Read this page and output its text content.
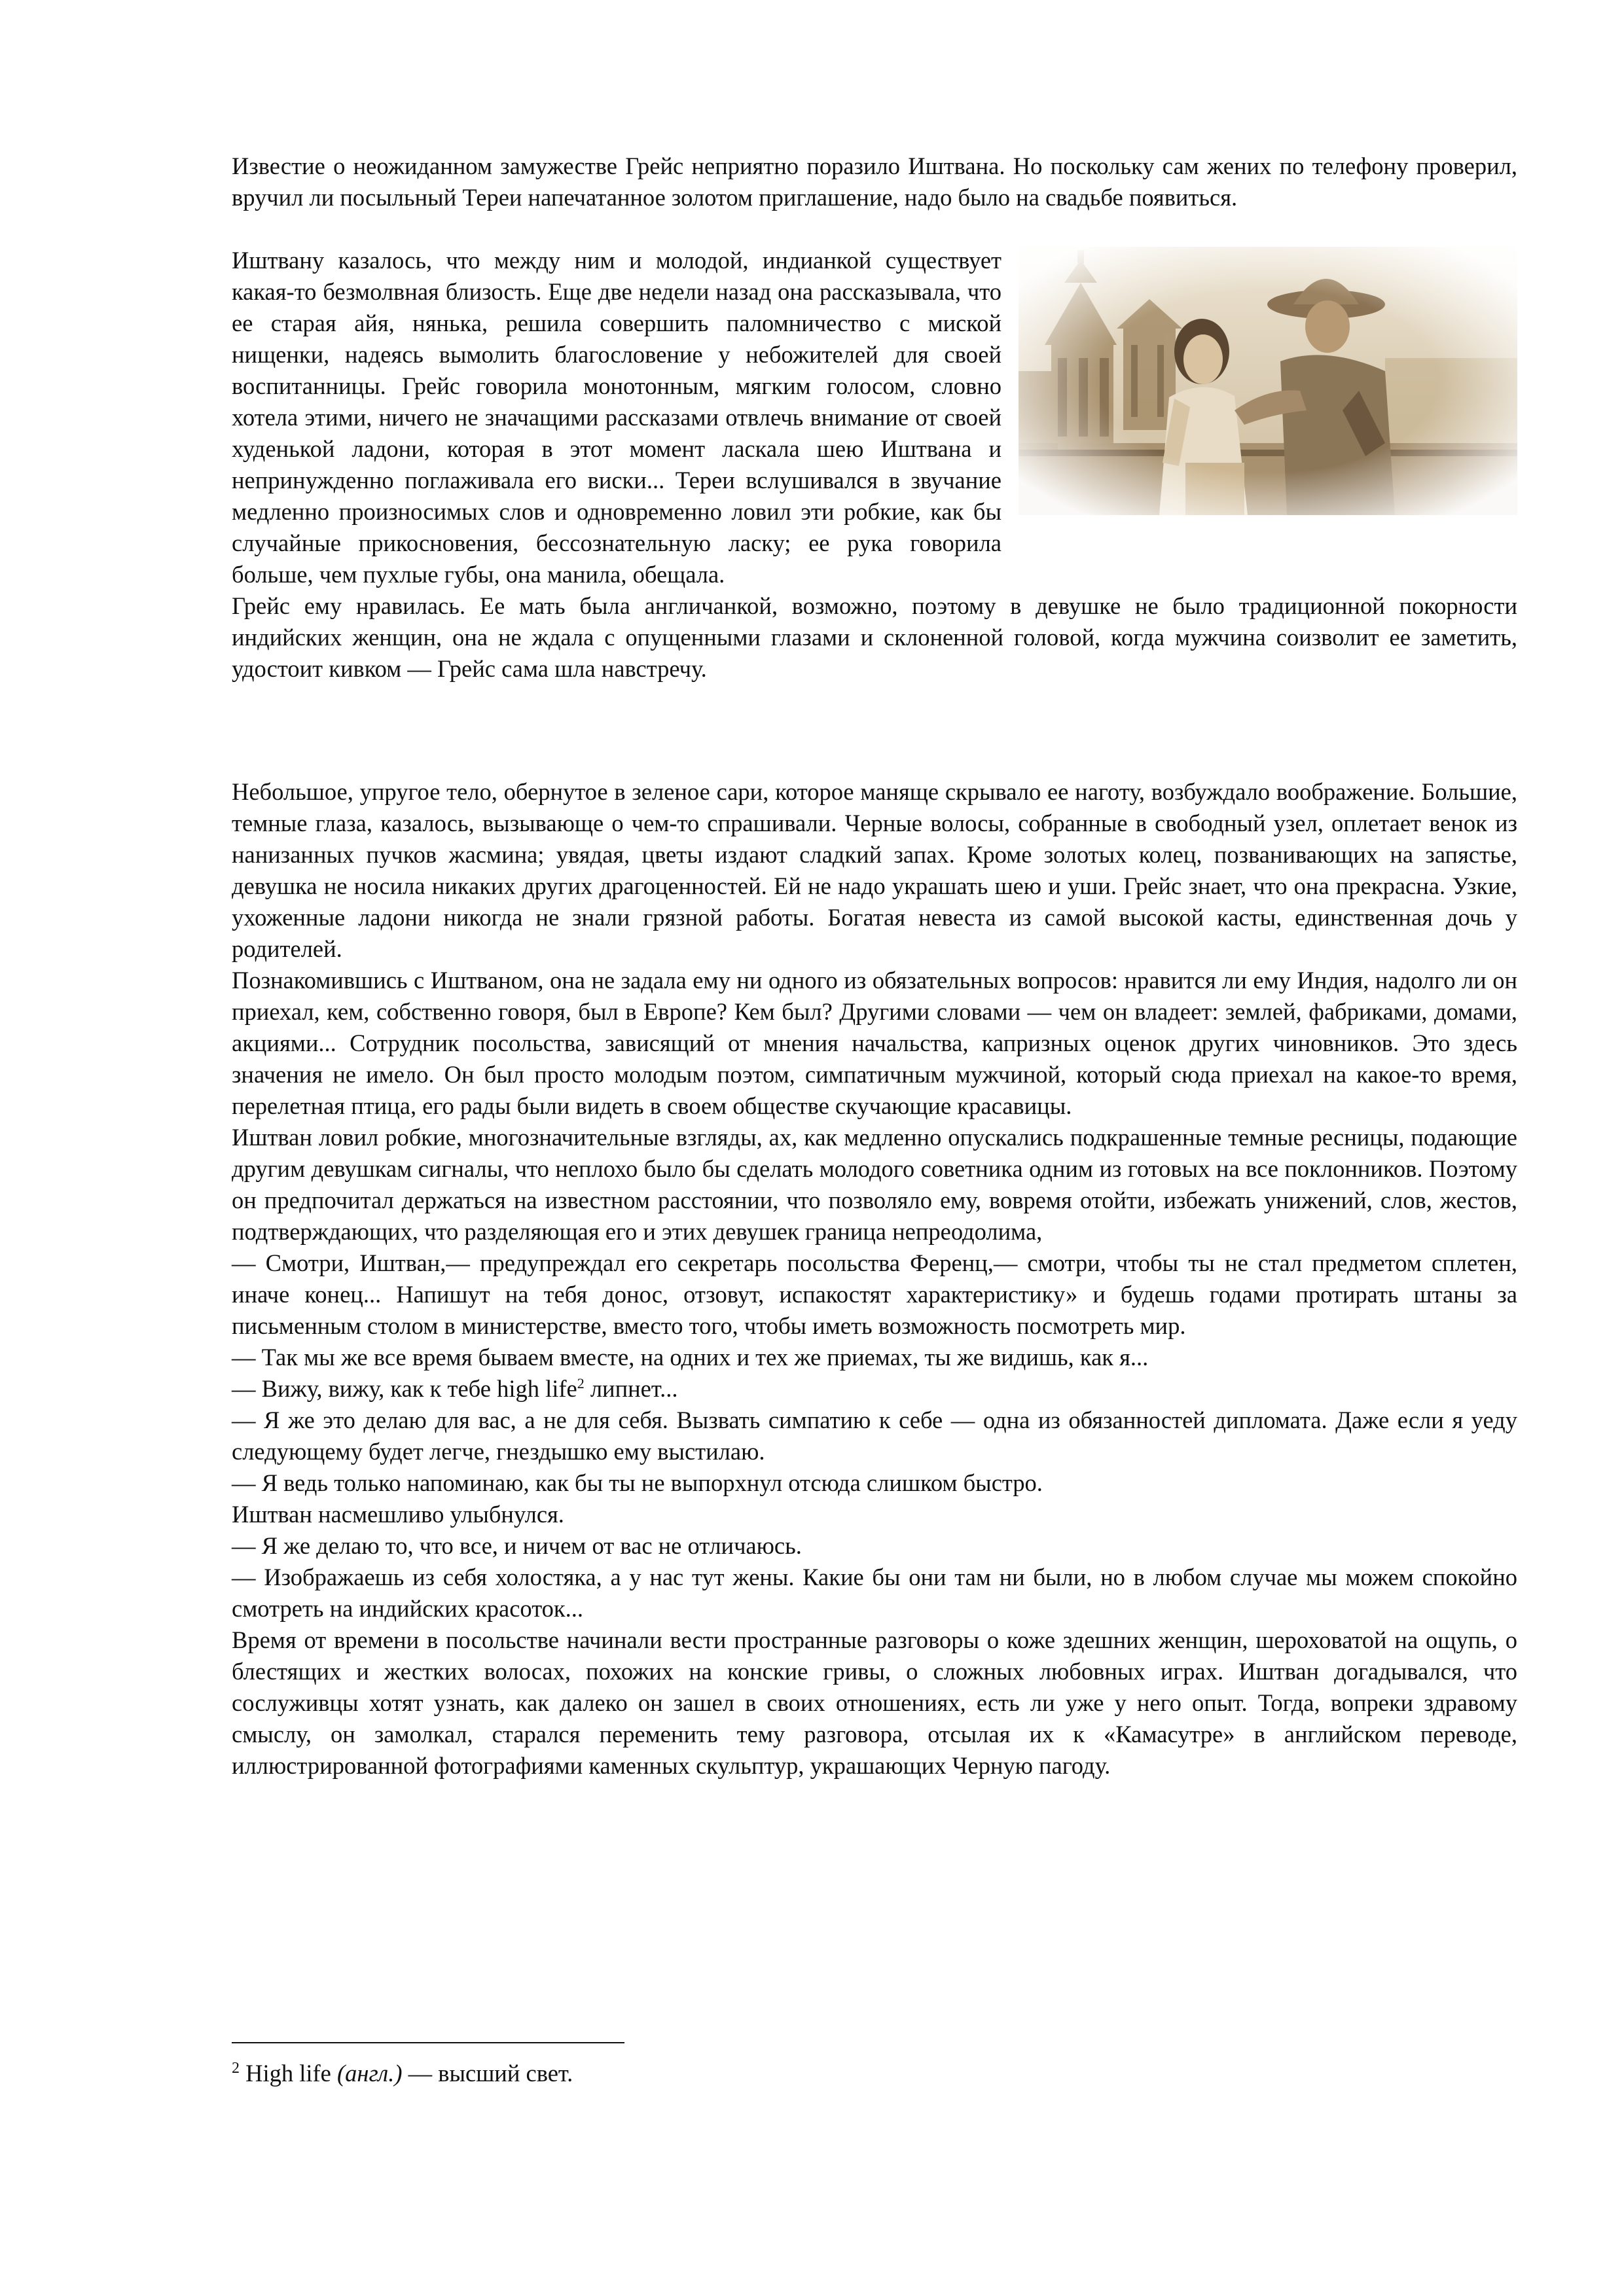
Известие о неожиданном замужестве Грейс неприятно поразило Иштвана. Но поскольку сам жених по телефону проверил, вручил ли посыльный Тереи напечатанное золотом приглашение, надо было на свадьбе появиться.

Иштвану казалось, что между ним и молодой, индианкой существует какая-то безмолвная близость. Еще две недели назад она рассказывала, что ее старая айя, нянька, решила совершить паломничество с миской нищенки, надеясь вымолить благословение у небожителей для своей воспитанницы. Грейс говорила монотонным, мягким голосом, словно хотела этими, ничего не значащими рассказами отвлечь внимание от своей худенькой ладони, которая в этот момент ласкала шею Иштвана и непринужденно поглаживала его виски... Тереи вслушивался в звучание медленно произносимых слов и одновременно ловил эти робкие, как бы случайные прикосновения, бессознательную ласку; ее рука говорила больше, чем пухлые губы, она манила, обещала.

Грейс ему нравилась. Ее мать была англичанкой, возможно, поэтому в девушке не было традиционной покорности индийских женщин, она не ждала с опущенными глазами и склоненной головой, когда мужчина соизволит ее заметить, удостоит кивком — Грейс сама шла навстречу.

Небольшое, упругое тело, обернутое в зеленое сари, которое маняще скрывало ее наготу, возбуждало воображение. Большие, темные глаза, казалось, вызывающе о чем-то спрашивали. Черные волосы, собранные в свободный узел, оплетает венок из нанизанных пучков жасмина; увядая, цветы издают сладкий запах. Кроме золотых колец, позванивающих на запястье, девушка не носила никаких других драгоценностей. Ей не надо украшать шею и уши. Грейс знает, что она прекрасна. Узкие, ухоженные ладони никогда не знали грязной работы. Богатая невеста из самой высокой касты, единственная дочь у родителей.

Познакомившись с Иштваном, она не задала ему ни одного из обязательных вопросов: нравится ли ему Индия, надолго ли он приехал, кем, собственно говоря, был в Европе? Кем был? Другими словами — чем он владеет: землей, фабриками, домами, акциями... Сотрудник посольства, зависящий от мнения начальства, капризных оценок других чиновников. Это здесь значения не имело. Он был просто молодым поэтом, симпатичным мужчиной, который сюда приехал на какое-то время, перелетная птица, его рады были видеть в своем обществе скучающие красавицы.

Иштван ловил робкие, многозначительные взгляды, ах, как медленно опускались подкрашенные темные ресницы, подающие другим девушкам сигналы, что неплохо было бы сделать молодого советника одним из готовых на все поклонников. Поэтому он предпочитал держаться на известном расстоянии, что позволяло ему, вовремя отойти, избежать унижений, слов, жестов, подтверждающих, что разделяющая его и этих девушек граница непреодолима,

— Смотри, Иштван,— предупреждал его секретарь посольства Ференц,— смотри, чтобы ты не стал предметом сплетен, иначе конец... Напишут на тебя донос, отзовут, испакостят характеристику» и будешь годами протирать штаны за письменным столом в министерстве, вместо того, чтобы иметь возможность посмотреть мир.

— Так мы же все время бываем вместе, на одних и тех же приемах, ты же видишь, как я...

— Вижу, вижу, как к тебе high life$^2$ липнет...

— Я же это делаю для вас, а не для себя. Вызвать симпатию к себе — одна из обязанностей дипломата. Даже если я уеду следующему будет легче, гнездышко ему выстилаю.

— Я ведь только напоминаю, как бы ты не выпорхнул отсюда слишком быстро.

Иштван насмешливо улыбнулся.

— Я же делаю то, что все, и ничем от вас не отличаюсь.

— Изображаешь из себя холостяка, а у нас тут жены. Какие бы они там ни были, но в любом случае мы можем спокойно смотреть на индийских красоток...

Время от времени в посольстве начинали вести пространные разговоры о коже здешних женщин, шероховатой на ощупь, о блестящих и жестких волосах, похожих на конские гривы, о сложных любовных играх. Иштван догадывался, что сослуживцы хотят узнать, как далеко он зашел в своих отношениях, есть ли уже у него опыт. Тогда, вопреки здравому смыслу, он замолкал, старался переменить тему разговора, отсылая их к «Камасутре» в английском переводе, иллюстрированной фотографиями каменных скульптур, украшающих Черную пагоду.

$^2$ High life (англ.) — высший свет.
